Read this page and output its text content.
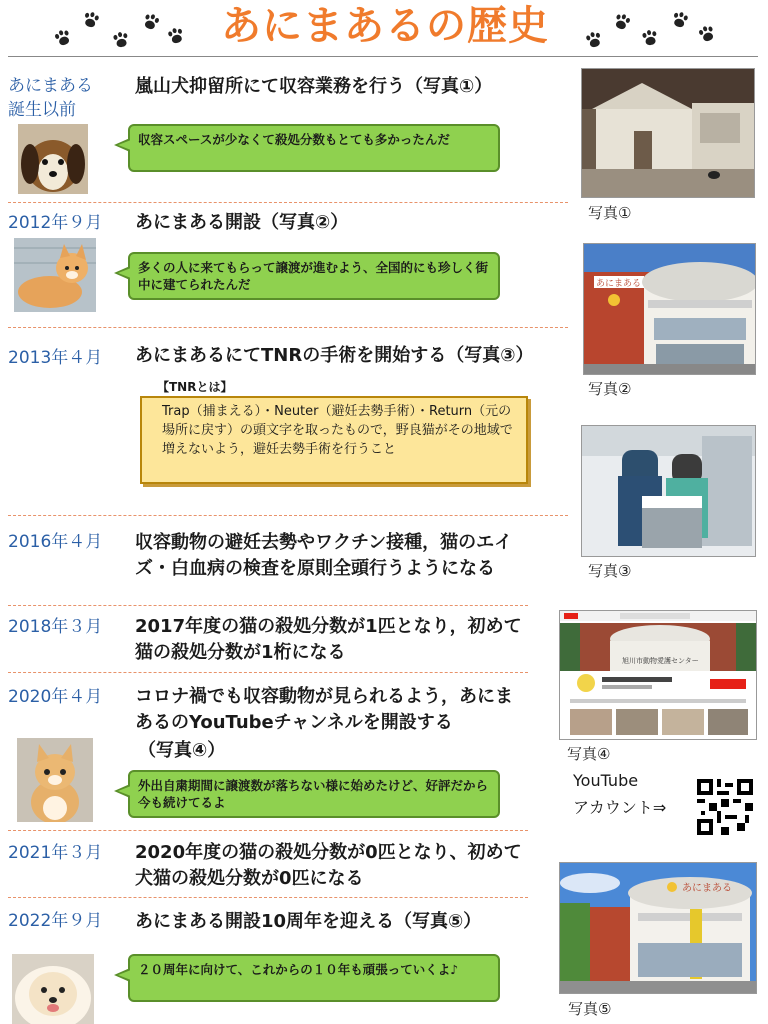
あにまあるの歴史
あにまある
誕生以前
嵐山犬抑留所にて収容業務を行う（写真①）
収容スペースが少なくて殺処分数もとても多かったんだ
写真①
2012年９月 あにまある開設（写真②）
多くの人に来てもらって譲渡が進むよう、全国的にも珍しく街中に建てられたんだ	あにまある
写真②
2013年４月 あにまあるにてTNRの手術を開始する（写真③）
【TNRとは】
Trap（捕まえる）・Neuter（避妊去勢手術）・Return（元の場所に戻す）の頭文字を取ったもので，野良猫がその地域で増えないよう，避妊去勢手術を行うこと
写真③
2016年４月 収容動物の避妊去勢やワクチン接種，猫のエイズ・白血病の検査を原則全頭行うようになる
2018年３月 2017年度の猫の殺処分数が1匹となり，初めて猫の殺処分数が1桁になる	旭川市動物愛護センター
写真④
2020年４月 コロナ禍でも収容動物が見られるよう，あにまあるのYouTubeチャンネルを開設する
（写真④）
外出自粛期間に譲渡数が落ちない様に始めたけど、好評だから今も続けてるよ
YouTube
アカウント⇒
2021年３月 2020年度の猫の殺処分数が0匹となり、初めて犬猫の殺処分数が0匹になる	あにまある
写真⑤
2022年９月 あにまある開設10周年を迎える（写真⑤）
２０周年に向けて、これからの１０年も頑張っていくよ♪
